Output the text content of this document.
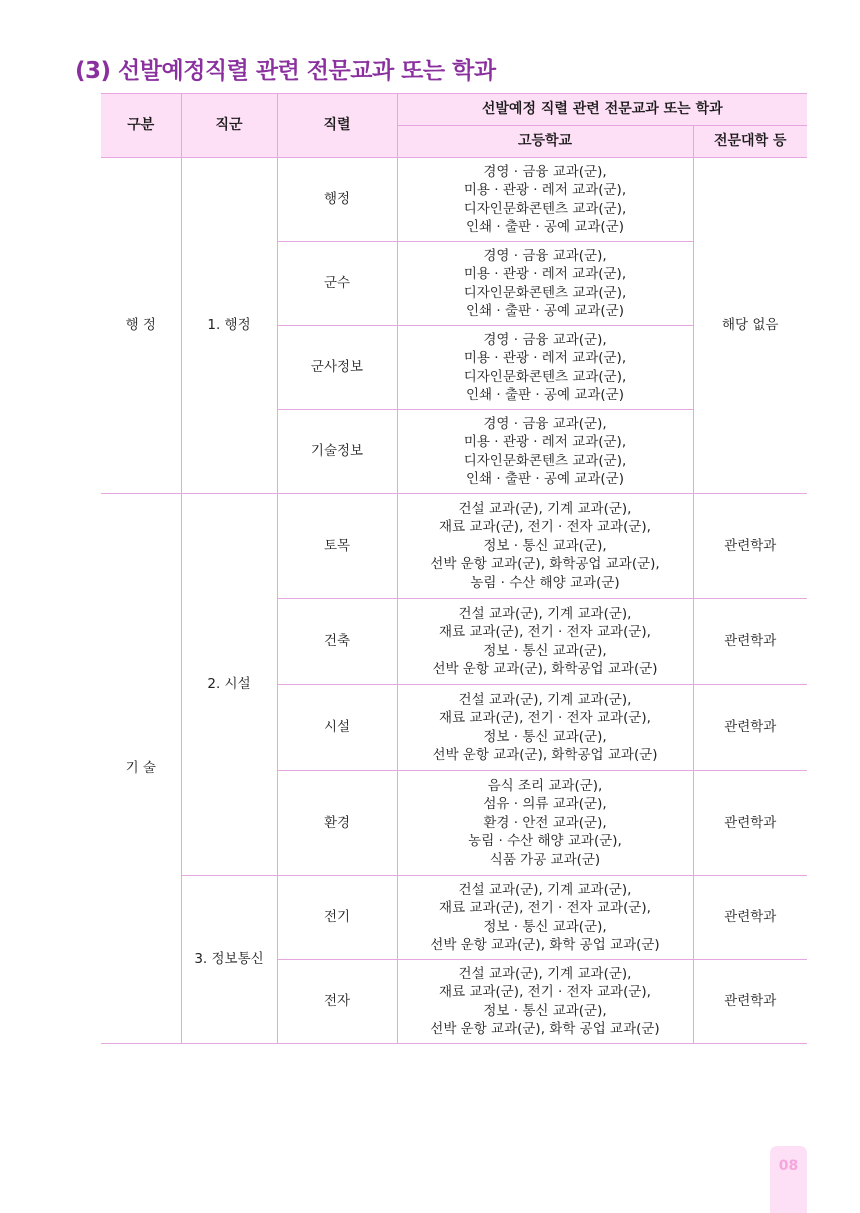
(3) 선발예정직렬 관련 전문교과 또는 학과
구분	직군	직렬	선발예정 직렬 관련 전문교과 또는 학과	
			고등학교	전문대학 등
행 정	1. 행정	행정	경영 · 금융 교과(군),
미용 · 관광 · 레저 교과(군),
디자인문화콘텐츠 교과(군),
인쇄 · 출판 · 공예 교과(군)	해당 없음
		군수	경영 · 금융 교과(군),
미용 · 관광 · 레저 교과(군),
디자인문화콘텐츠 교과(군),
인쇄 · 출판 · 공예 교과(군)	

		군사정보	경영 · 금융 교과(군),
미용 · 관광 · 레저 교과(군),
디자인문화콘텐츠 교과(군),
인쇄 · 출판 · 공예 교과(군)	

		기술정보	경영 · 금융 교과(군),
미용 · 관광 · 레저 교과(군),
디자인문화콘텐츠 교과(군),
인쇄 · 출판 · 공예 교과(군)	

기 술	2. 시설	토목	건설 교과(군), 기계 교과(군),
재료 교과(군), 전기 · 전자 교과(군),
정보 · 통신 교과(군),
선박 운항 교과(군), 화학공업 교과(군),
농림 · 수산 해양 교과(군)	관련학과
		건축	건설 교과(군), 기계 교과(군),
재료 교과(군), 전기 · 전자 교과(군),
정보 · 통신 교과(군),
선박 운항 교과(군), 화학공업 교과(군)	관련학과
		시설	건설 교과(군), 기계 교과(군),
재료 교과(군), 전기 · 전자 교과(군),
정보 · 통신 교과(군),
선박 운항 교과(군), 화학공업 교과(군)	관련학과
		환경	음식 조리 교과(군),
섬유 · 의류 교과(군),
환경 · 안전 교과(군),
농림 · 수산 해양 교과(군),
식품 가공 교과(군)	관련학과
	3. 정보통신	전기	건설 교과(군), 기계 교과(군),
재료 교과(군), 전기 · 전자 교과(군),
정보 · 통신 교과(군),
선박 운항 교과(군), 화학 공업 교과(군)	관련학과
		전자	건설 교과(군), 기계 교과(군),
재료 교과(군), 전기 · 전자 교과(군),
정보 · 통신 교과(군),
선박 운항 교과(군), 화학 공업 교과(군)	관련학과
08
